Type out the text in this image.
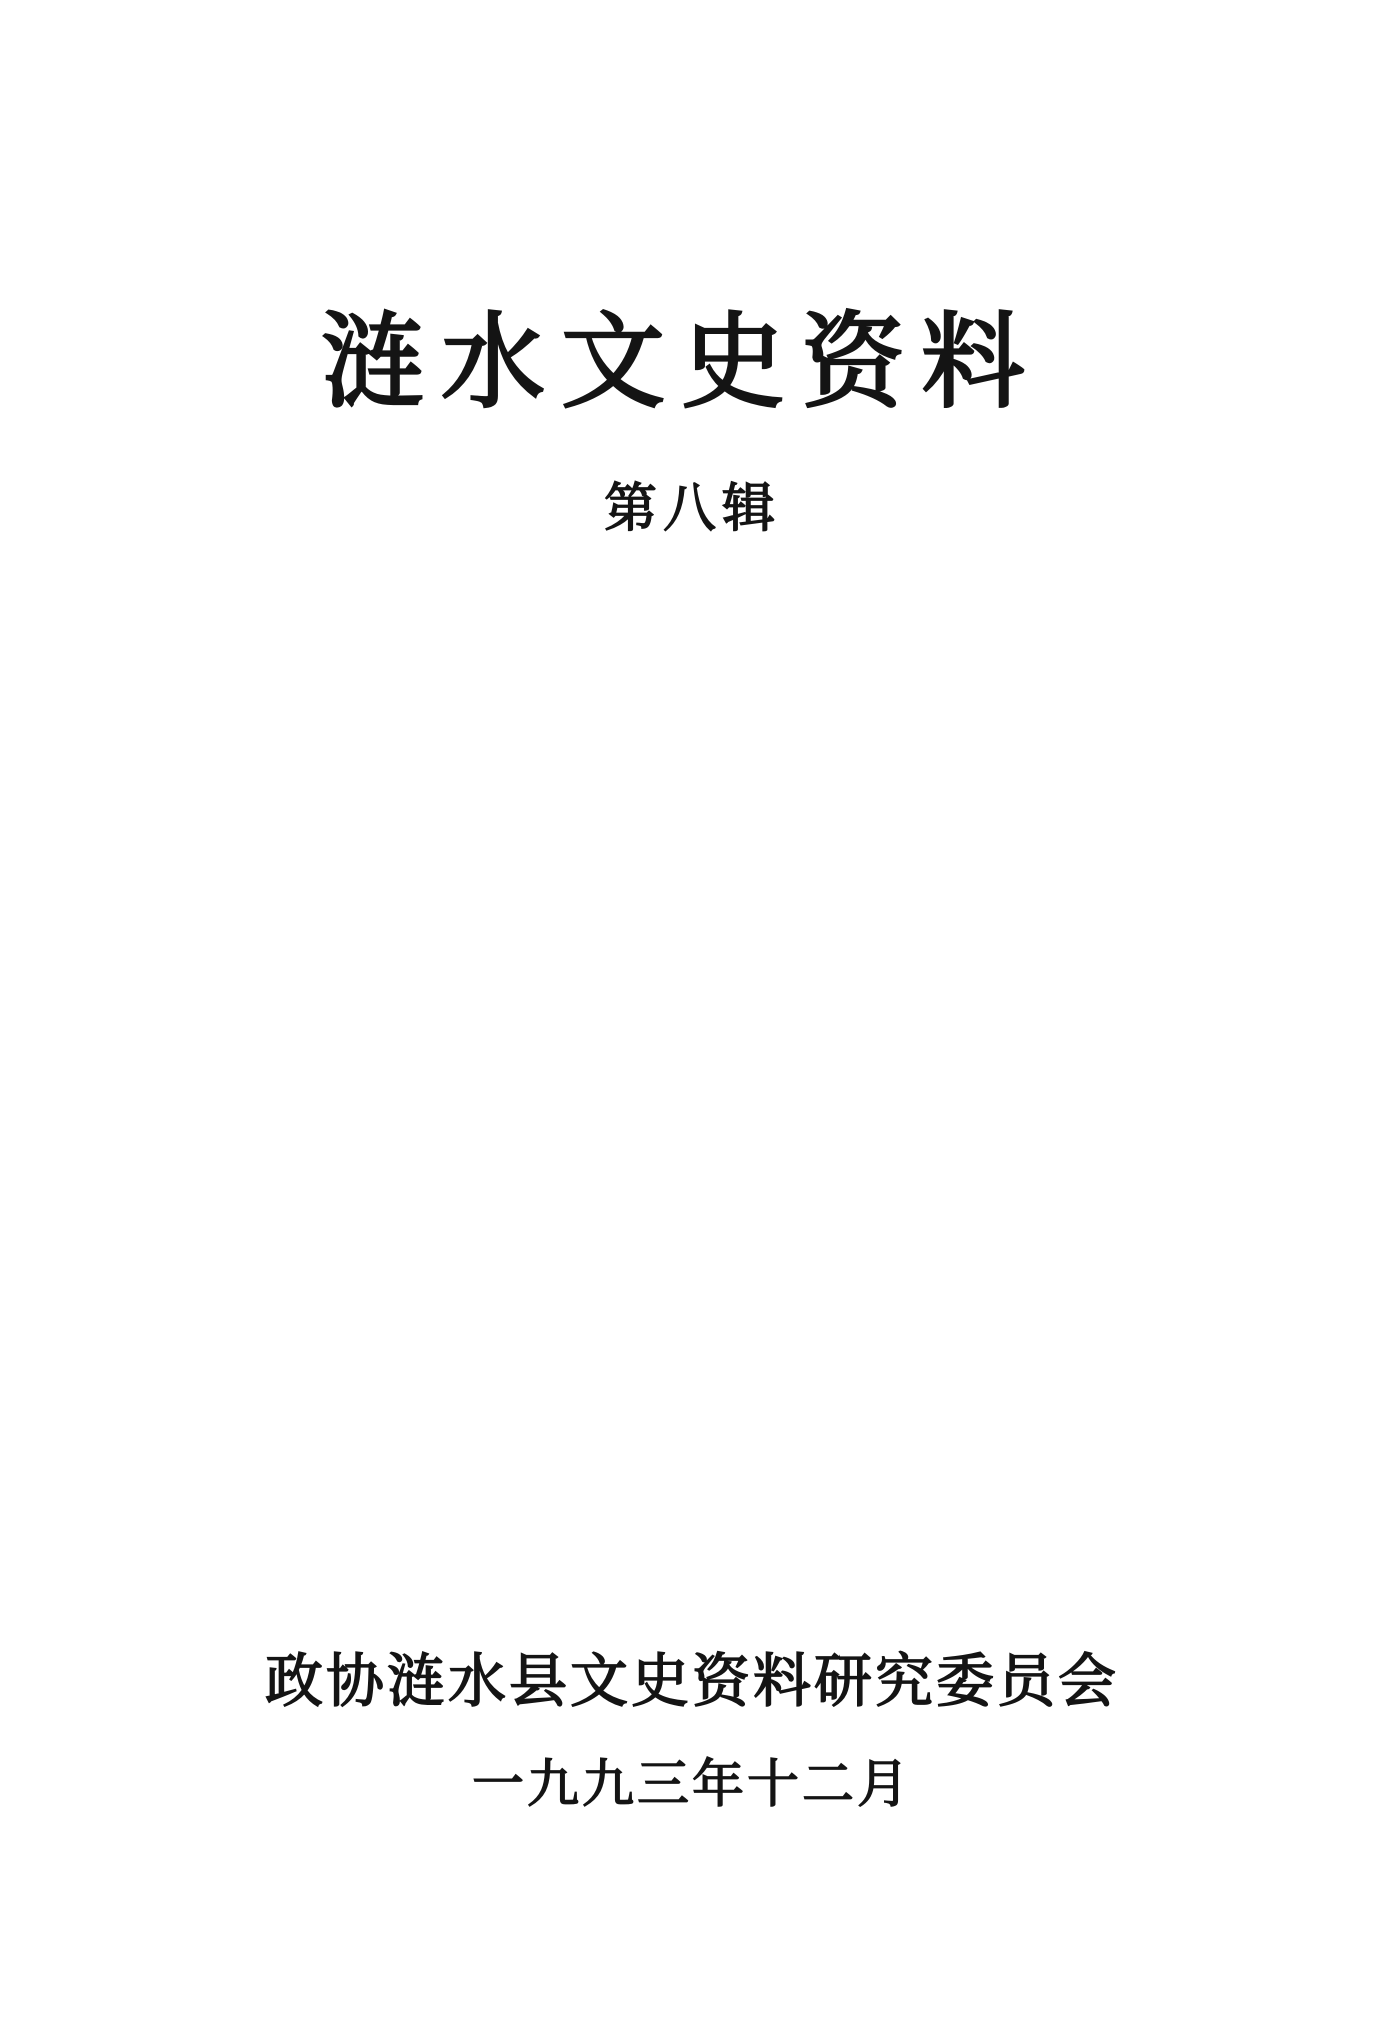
涟水文史资料
第八辑
政协涟水县文史资料研究委员会
一九九三年十二月
